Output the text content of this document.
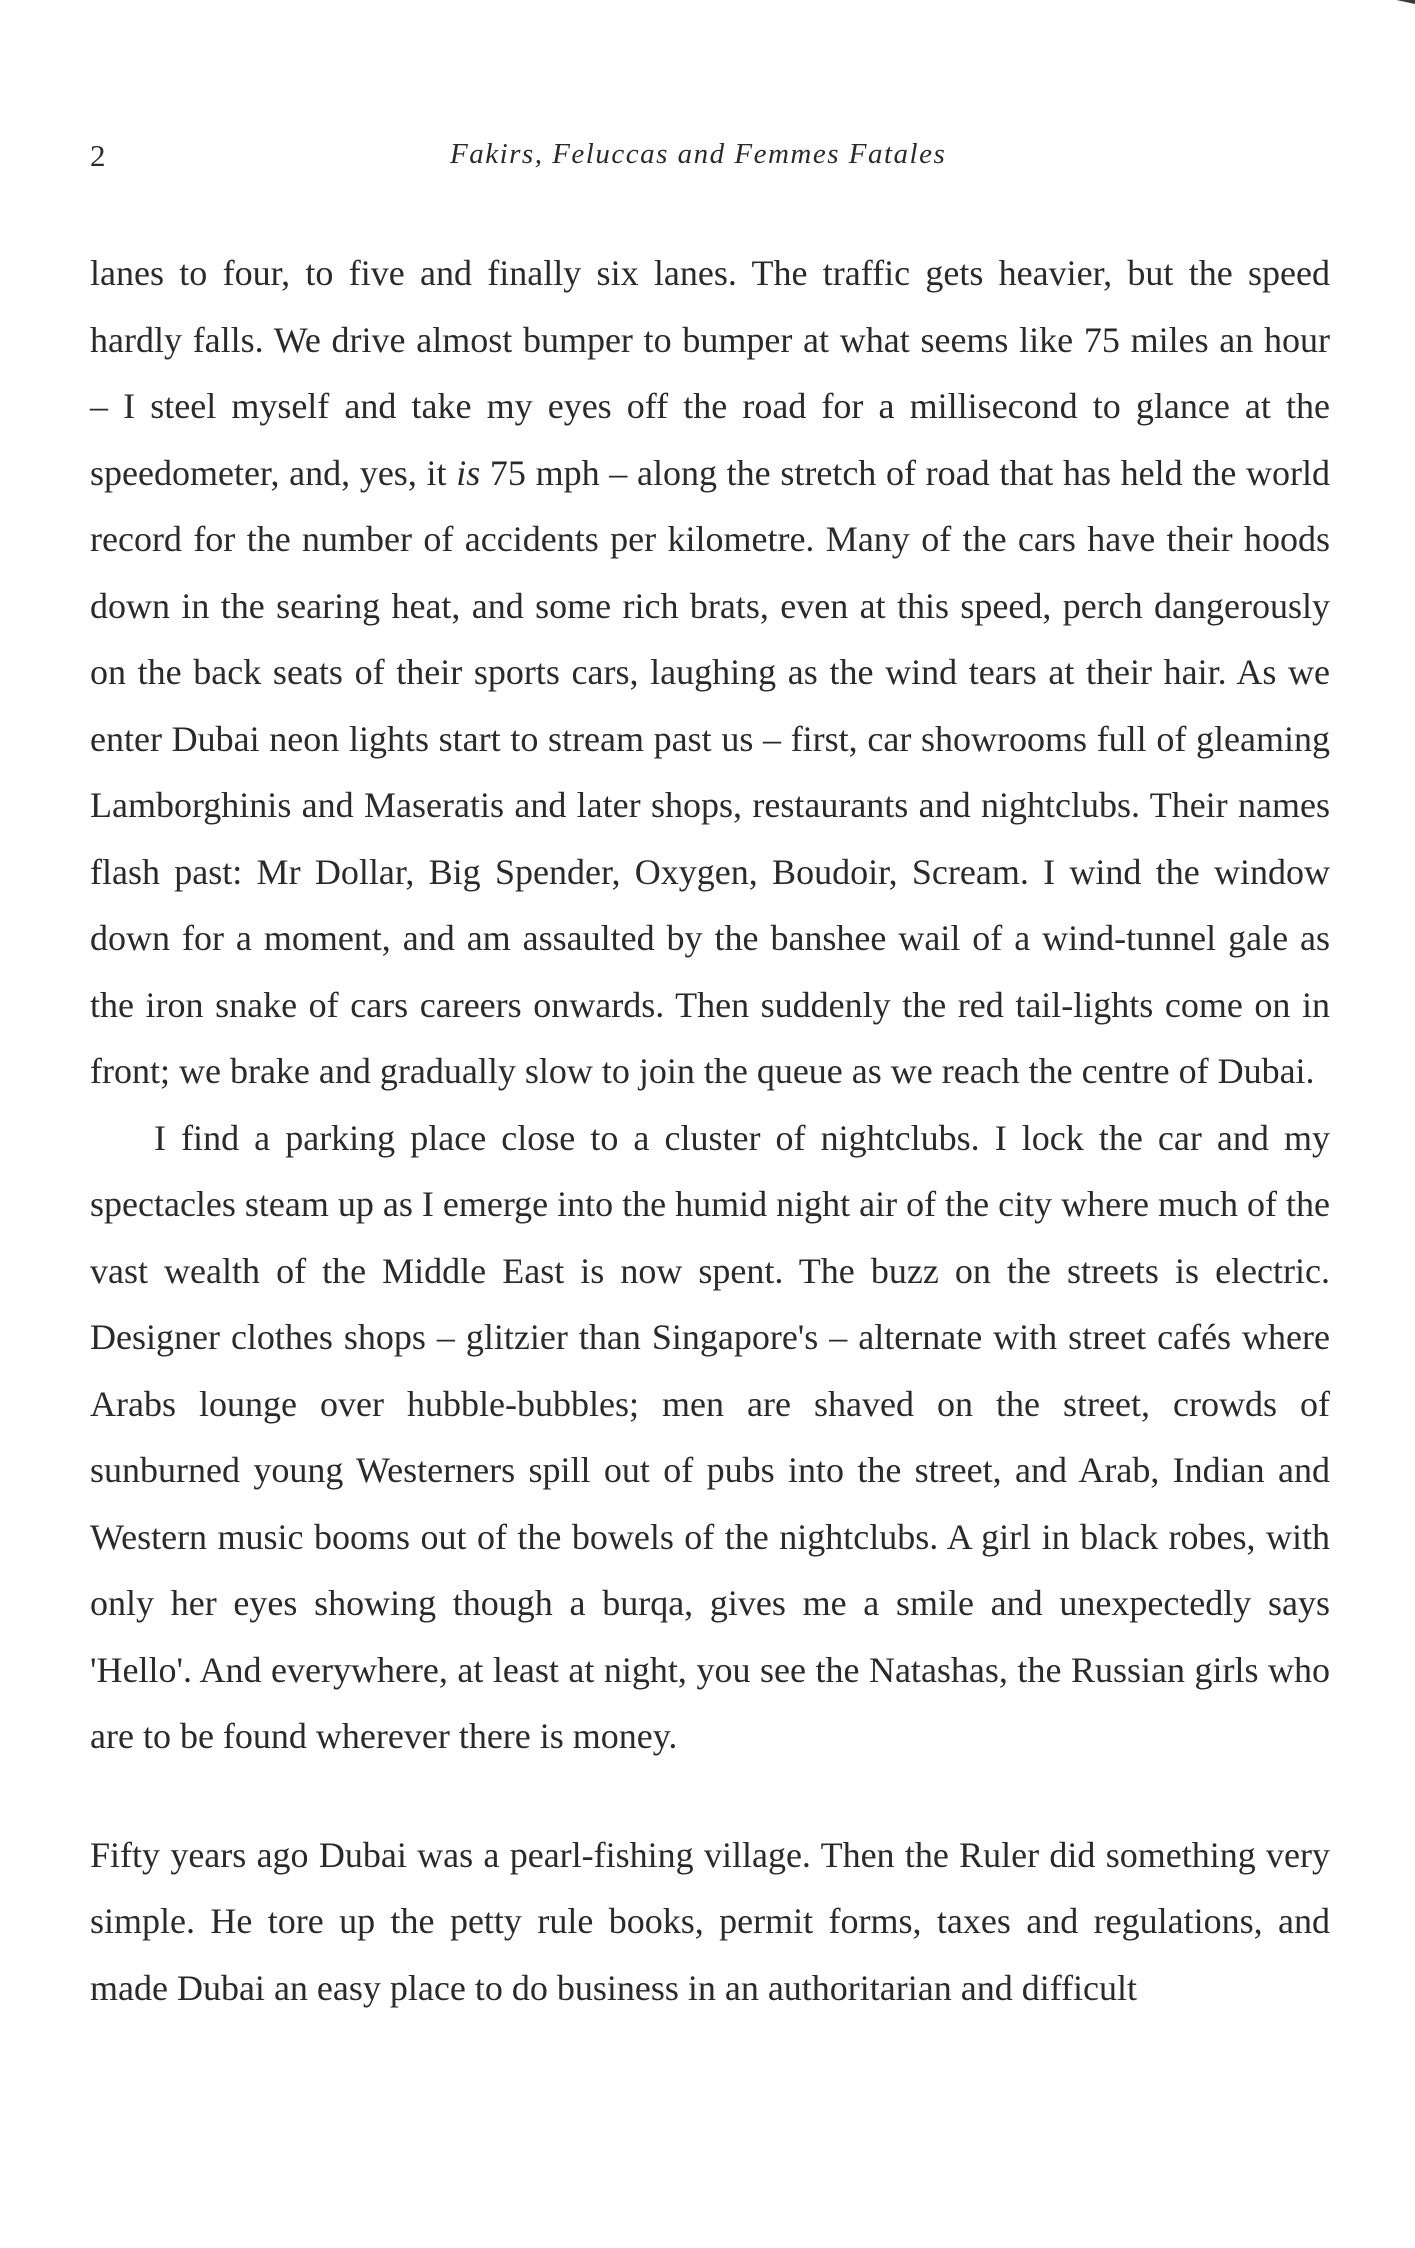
2	Fakirs, Feluccas and Femmes Fatales

lanes to four, to five and finally six lanes. The traffic gets heavier, but the speed hardly falls. We drive almost bumper to bumper at what seems like 75 miles an hour – I steel myself and take my eyes off the road for a millisecond to glance at the speedometer, and, yes, it is 75 mph – along the stretch of road that has held the world record for the number of accidents per kilometre. Many of the cars have their hoods down in the searing heat, and some rich brats, even at this speed, perch dangerously on the back seats of their sports cars, laughing as the wind tears at their hair. As we enter Dubai neon lights start to stream past us – first, car showrooms full of gleaming Lamborghinis and Maseratis and later shops, restaurants and nightclubs. Their names flash past: Mr Dollar, Big Spender, Oxygen, Boudoir, Scream. I wind the window down for a moment, and am assaulted by the banshee wail of a wind-tunnel gale as the iron snake of cars careers onwards. Then suddenly the red tail-lights come on in front; we brake and gradually slow to join the queue as we reach the centre of Dubai.

I find a parking place close to a cluster of nightclubs. I lock the car and my spectacles steam up as I emerge into the humid night air of the city where much of the vast wealth of the Middle East is now spent. The buzz on the streets is electric. Designer clothes shops – glitzier than Singapore's – alternate with street cafés where Arabs lounge over hubble-bubbles; men are shaved on the street, crowds of sunburned young Westerners spill out of pubs into the street, and Arab, Indian and Western music booms out of the bowels of the nightclubs. A girl in black robes, with only her eyes showing though a burqa, gives me a smile and unexpectedly says 'Hello'. And everywhere, at least at night, you see the Natashas, the Russian girls who are to be found wherever there is money.

Fifty years ago Dubai was a pearl-fishing village. Then the Ruler did something very simple. He tore up the petty rule books, permit forms, taxes and regulations, and made Dubai an easy place to do business in an authoritarian and difficult
